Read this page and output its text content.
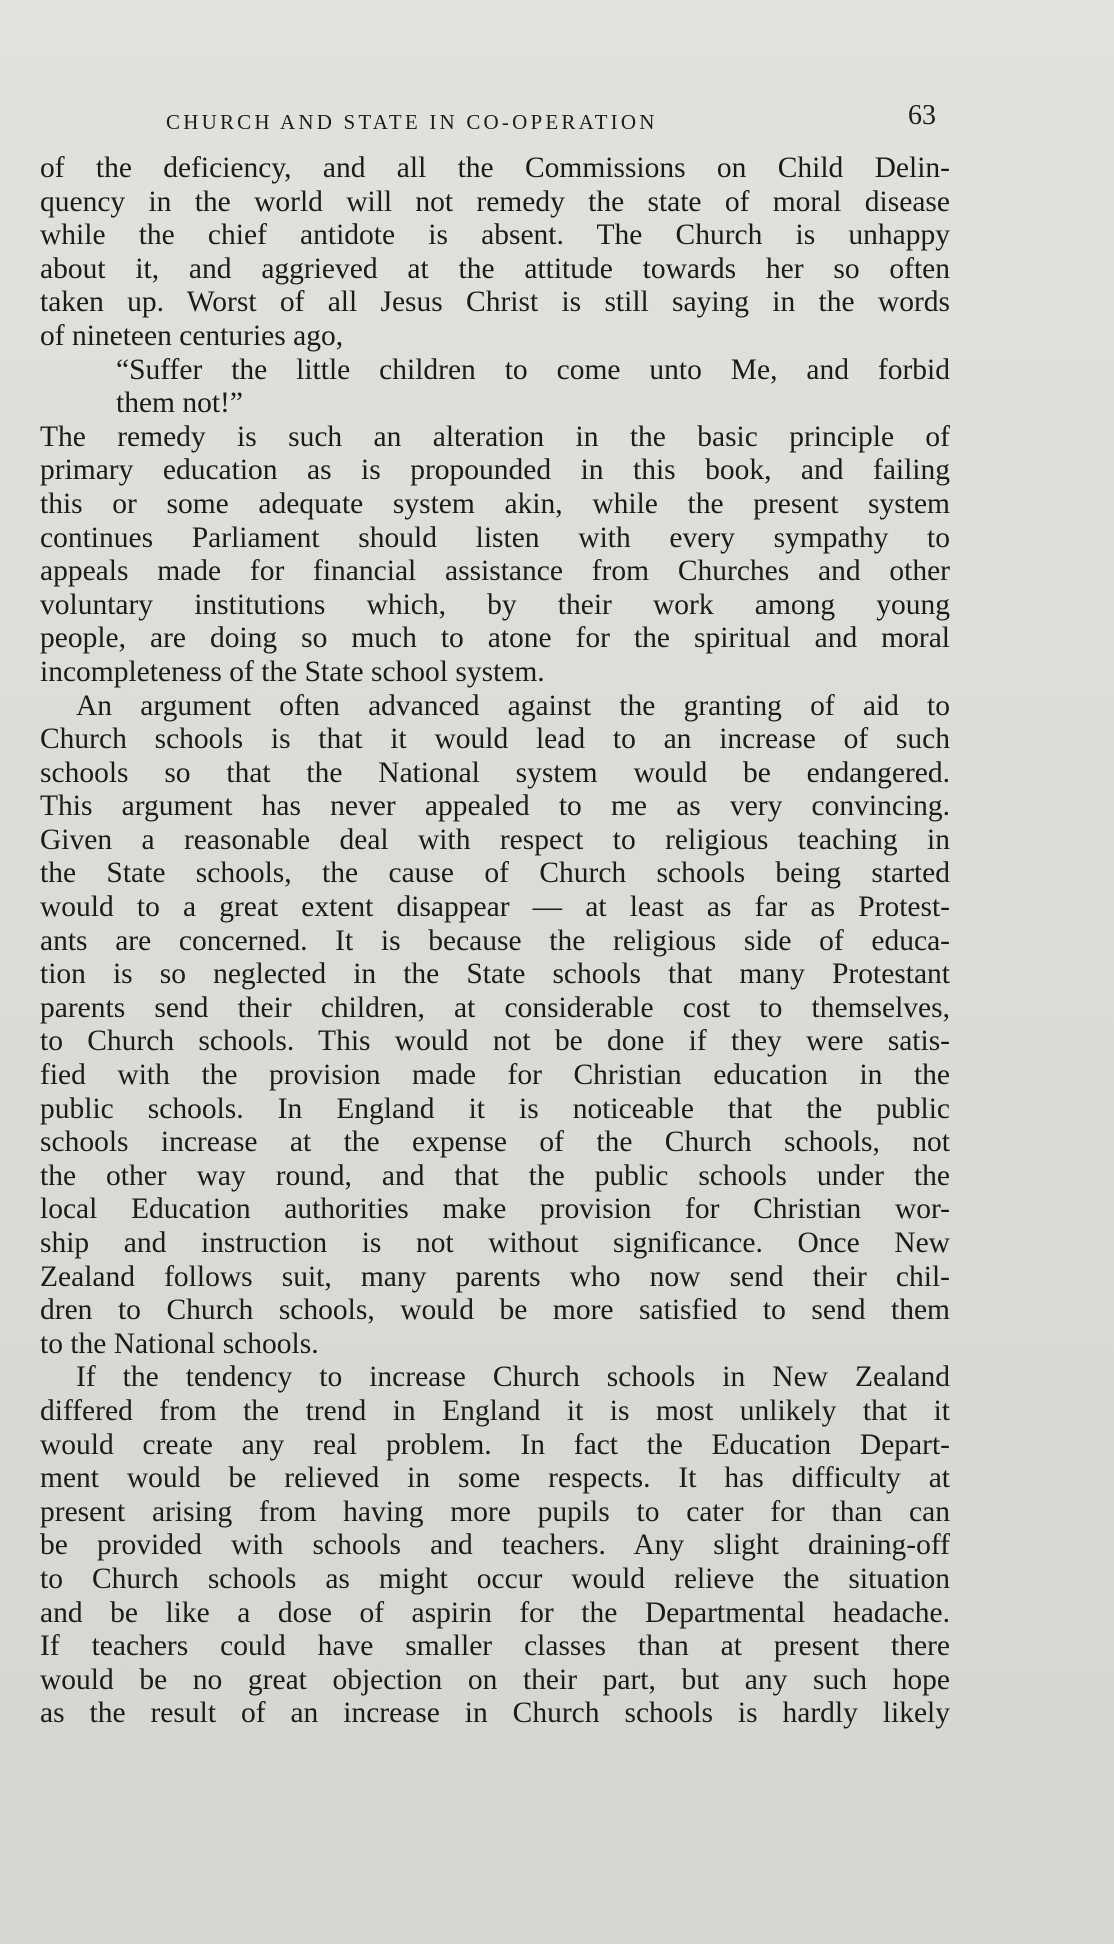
CHURCH AND STATE IN CO-OPERATION	63
of the deficiency, and all the Commissions on Child Delin-
quency in the world will not remedy the state of moral disease
while the chief antidote is absent. The Church is unhappy
about it, and aggrieved at the attitude towards her so often
taken up. Worst of all Jesus Christ is still saying in the words
of nineteen centuries ago,
“Suffer the little children to come unto Me, and forbid
them not!”
The remedy is such an alteration in the basic principle of
primary education as is propounded in this book, and failing
this or some adequate system akin, while the present system
continues Parliament should listen with every sympathy to
appeals made for financial assistance from Churches and other
voluntary institutions which, by their work among young
people, are doing so much to atone for the spiritual and moral
incompleteness of the State school system.
An argument often advanced against the granting of aid to
Church schools is that it would lead to an increase of such
schools so that the National system would be endangered.
This argument has never appealed to me as very convincing.
Given a reasonable deal with respect to religious teaching in
the State schools, the cause of Church schools being started
would to a great extent disappear — at least as far as Protest-
ants are concerned. It is because the religious side of educa-
tion is so neglected in the State schools that many Protestant
parents send their children, at considerable cost to themselves,
to Church schools. This would not be done if they were satis-
fied with the provision made for Christian education in the
public schools. In England it is noticeable that the public
schools increase at the expense of the Church schools, not
the other way round, and that the public schools under the
local Education authorities make provision for Christian wor-
ship and instruction is not without significance. Once New
Zealand follows suit, many parents who now send their chil-
dren to Church schools, would be more satisfied to send them
to the National schools.
If the tendency to increase Church schools in New Zealand
differed from the trend in England it is most unlikely that it
would create any real problem. In fact the Education Depart-
ment would be relieved in some respects. It has difficulty at
present arising from having more pupils to cater for than can
be provided with schools and teachers. Any slight draining-off
to Church schools as might occur would relieve the situation
and be like a dose of aspirin for the Departmental headache.
If teachers could have smaller classes than at present there
would be no great objection on their part, but any such hope
as the result of an increase in Church schools is hardly likely
